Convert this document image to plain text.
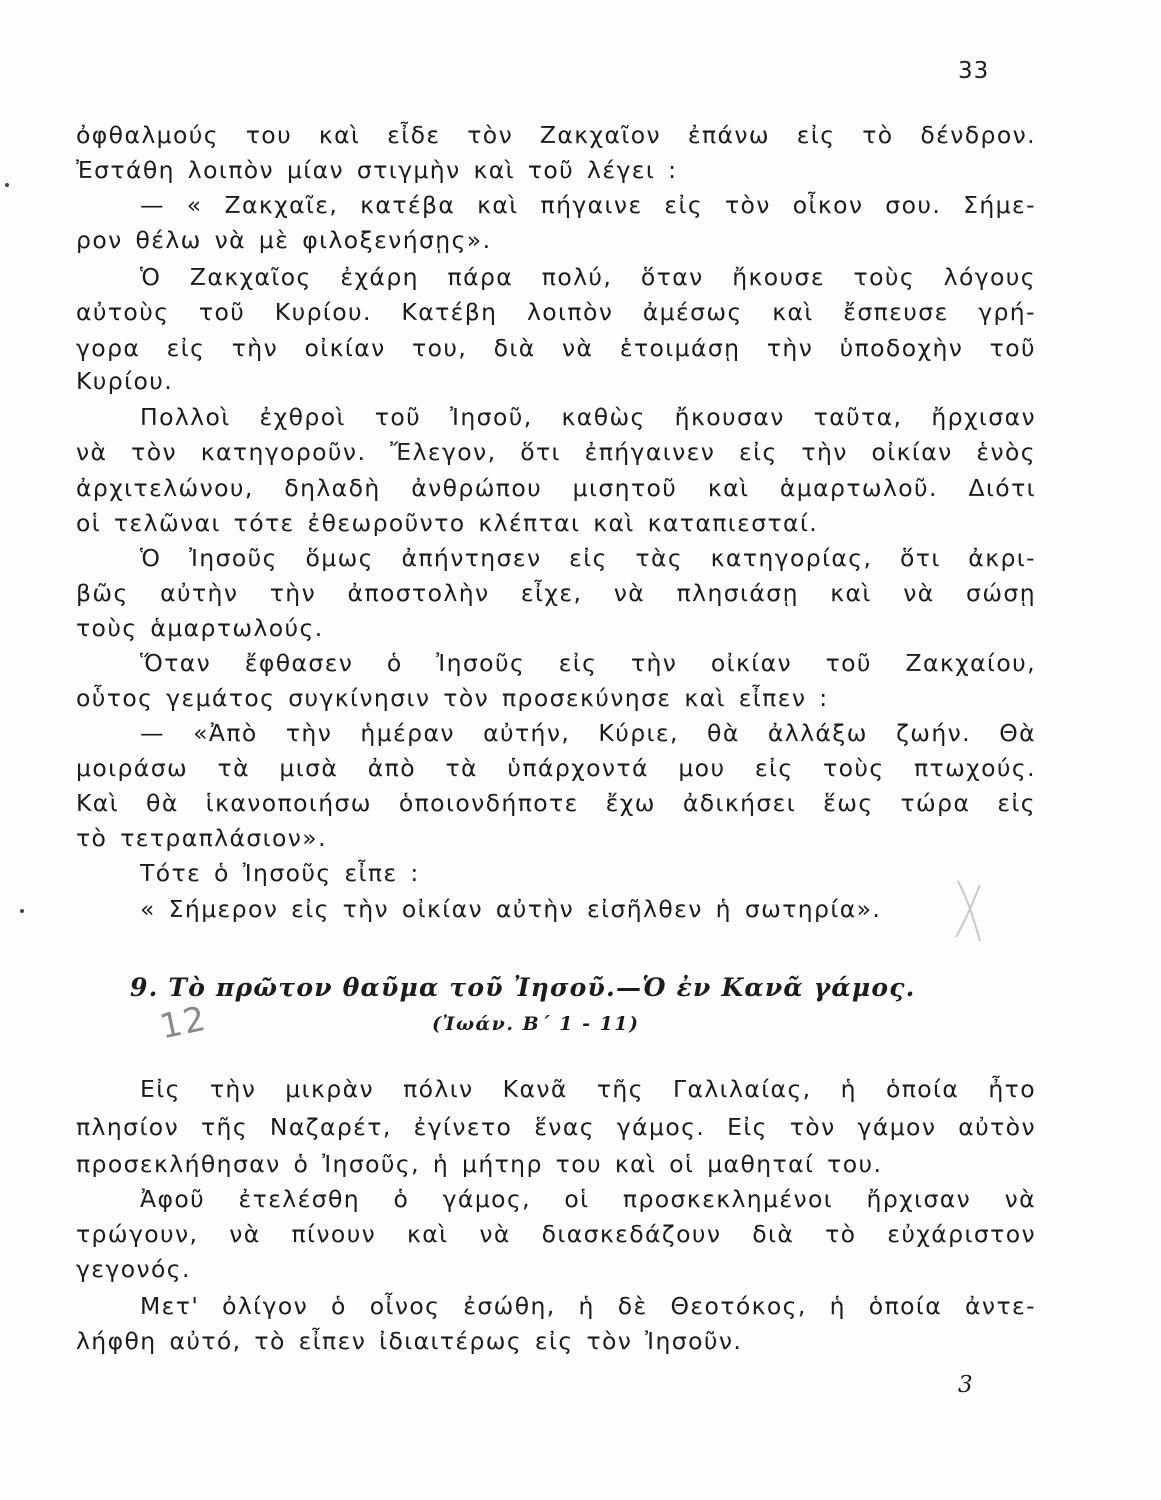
33
ὀφθαλμούς του καὶ εἶδε τὸν Ζακχαῖον ἐπάνω εἰς τὸ δένδρον.
Ἐστάθη λοιπὸν μίαν στιγμὴν καὶ τοῦ λέγει :
— « Ζακχαῖε, κατέβα καὶ πήγαινε εἰς τὸν οἶκον σου. Σήμε-
ρον θέλω νὰ μὲ φιλοξενήσῃς».
Ὁ Ζακχαῖος ἐχάρη πάρα πολύ, ὅταν ἤκουσε τοὺς λόγους
αὐτοὺς τοῦ Κυρίου. Κατέβη λοιπὸν ἀμέσως καὶ ἔσπευσε γρή-
γορα εἰς τὴν οἰκίαν του, διὰ νὰ ἑτοιμάσῃ τὴν ὑποδοχὴν τοῦ
Κυρίου.
Πολλοὶ ἐχθροὶ τοῦ Ἰησοῦ, καθὼς ἤκουσαν ταῦτα, ἤρχισαν
νὰ τὸν κατηγοροῦν. Ἔλεγον, ὅτι ἐπήγαινεν εἰς τὴν οἰκίαν ἑνὸς
ἀρχιτελώνου, δηλαδὴ ἀνθρώπου μισητοῦ καὶ ἁμαρτωλοῦ. Διότι
οἱ τελῶναι τότε ἐθεωροῦντο κλέπται καὶ καταπιεσταί.
Ὁ Ἰησοῦς ὅμως ἀπήντησεν εἰς τὰς κατηγορίας, ὅτι ἀκρι-
βῶς αὐτὴν τὴν ἀποστολὴν εἶχε, νὰ πλησιάσῃ καὶ νὰ σώσῃ
τοὺς ἁμαρτωλούς.
Ὅταν ἔφθασεν ὁ Ἰησοῦς εἰς τὴν οἰκίαν τοῦ Ζακχαίου,
οὗτος γεμάτος συγκίνησιν τὸν προσεκύνησε καὶ εἶπεν :
— «Ἀπὸ τὴν ἡμέραν αὐτήν, Κύριε, θὰ ἀλλάξω ζωήν. Θὰ
μοιράσω τὰ μισὰ ἀπὸ τὰ ὑπάρχοντά μου εἰς τοὺς πτωχούς.
Καὶ θὰ ἱκανοποιήσω ὁποιονδήποτε ἔχω ἀδικήσει ἕως τώρα εἰς
τὸ τετραπλάσιον».
Τότε ὁ Ἰησοῦς εἶπε :
« Σήμερον εἰς τὴν οἰκίαν αὐτὴν εἰσῆλθεν ἡ σωτηρία».
9. Τὸ πρῶτον θαῦμα τοῦ Ἰησοῦ.—Ὁ ἐν Κανᾶ γάμος.
(Ἰωάν. Β΄ 1 - 11)
12
Εἰς τὴν μικρὰν πόλιν Κανᾶ τῆς Γαλιλαίας, ἡ ὁποία ἦτο
πλησίον τῆς Ναζαρέτ, ἐγίνετο ἕνας γάμος. Εἰς τὸν γάμον αὐτὸν
προσεκλήθησαν ὁ Ἰησοῦς, ἡ μήτηρ του καὶ οἱ μαθηταί του.
Ἀφοῦ ἐτελέσθη ὁ γάμος, οἱ προσκεκλημένοι ἤρχισαν νὰ
τρώγουν, νὰ πίνουν καὶ νὰ διασκεδάζουν διὰ τὸ εὐχάριστον
γεγονός.
Μετ' ὀλίγον ὁ οἶνος ἐσώθη, ἡ δὲ Θεοτόκος, ἡ ὁποία ἀντε-
λήφθη αὐτό, τὸ εἶπεν ἰδιαιτέρως εἰς τὸν Ἰησοῦν.
3
